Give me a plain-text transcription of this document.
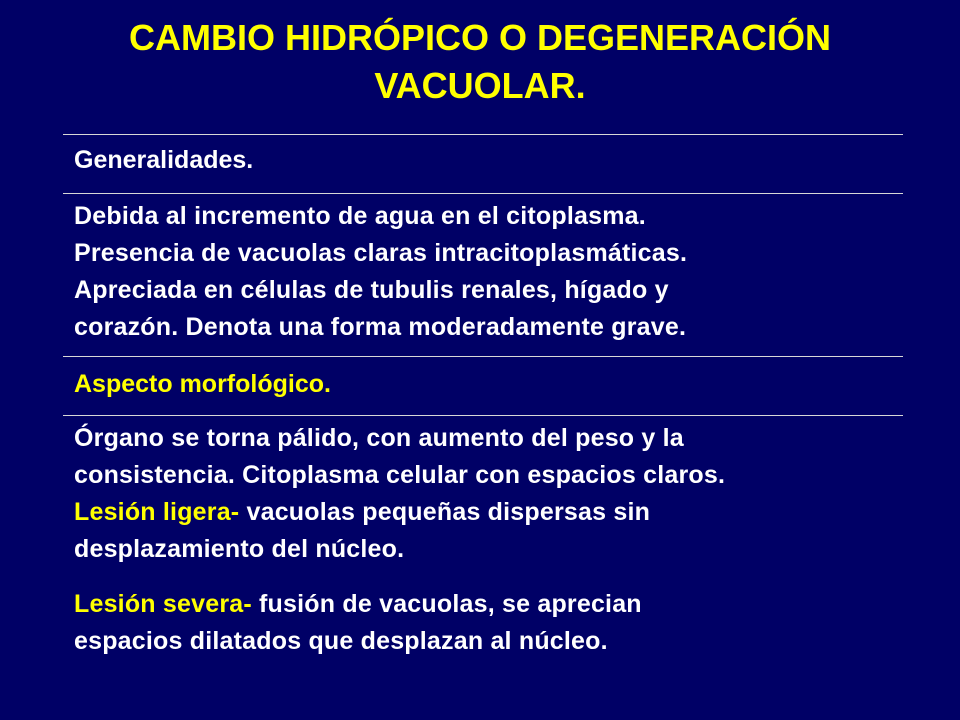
CAMBIO HIDRÓPICO O DEGENERACIÓN
VACUOLAR.
Generalidades.
Debida al incremento de agua en el citoplasma.
Presencia de vacuolas claras intracitoplasmáticas.
Apreciada en células de tubulis renales, hígado y
corazón. Denota una forma moderadamente grave.
Aspecto morfológico.
Órgano se torna pálido, con aumento del peso y la
consistencia. Citoplasma celular con espacios claros.
Lesión ligera- vacuolas pequeñas dispersas sin
desplazamiento del núcleo.
Lesión severa- fusión de vacuolas, se aprecian
espacios dilatados que desplazan al núcleo.
